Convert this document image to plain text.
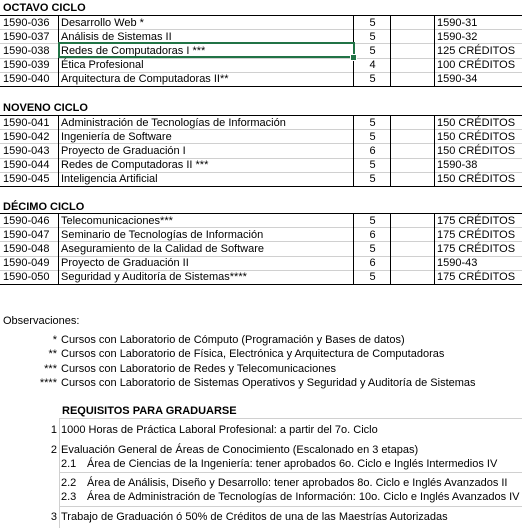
OCTAVO CICLO
1590-036	Desarrollo Web *	5	1590-31
1590-037	Análisis de Sistemas II	5	1590-32
1590-038	Redes de Computadoras I ***	5	125 CRÉDITOS
1590-039	Ética Profesional	4	100 CRÉDITOS
1590-040	Arquitectura de Computadoras II**	5	1590-34
NOVENO CICLO
1590-041	Administración de Tecnologías de Información	5	150 CRÉDITOS
1590-042	Ingeniería de Software	5	150 CRÉDITOS
1590-043	Proyecto de Graduación I	6	150 CRÉDITOS
1590-044	Redes de Computadoras II ***	5	1590-38
1590-045	Inteligencia Artificial	5	150 CRÉDITOS
DÉCIMO CICLO
1590-046	Telecomunicaciones***	5	175 CRÉDITOS
1590-047	Seminario de Tecnologías de Información	6	175 CRÉDITOS
1590-048	Aseguramiento de la Calidad de Software	5	175 CRÉDITOS
1590-049	Proyecto de Graduación II	6	1590-43
1590-050	Seguridad y Auditoría de Sistemas****	5	175 CRÉDITOS
Observaciones:
* Cursos con Laboratorio de Cómputo (Programación y Bases de datos)
** Cursos con Laboratorio de Física, Electrónica y Arquitectura de Computadoras
*** Cursos con Laboratorio de Redes y Telecomunicaciones
**** Cursos con Laboratorio de Sistemas Operativos y Seguridad y Auditoría de Sistemas
REQUISITOS PARA GRADUARSE
1 1000 Horas de Práctica Laboral Profesional: a partir del 7o. Ciclo
2 Evaluación General de Áreas de Conocimiento (Escalonado en 3 etapas)
2.1 Área de Ciencias de la Ingeniería: tener aprobados 6o. Ciclo e Inglés Intermedios IV
2.2 Área de Análisis, Diseño y Desarrollo: tener aprobados 8o. Ciclo e Inglés Avanzados II
2.3 Área de Administración de Tecnologías de Información: 10o. Ciclo e Inglés Avanzados IV
3 Trabajo de Graduación ó 50% de Créditos de una de las Maestrías Autorizadas
